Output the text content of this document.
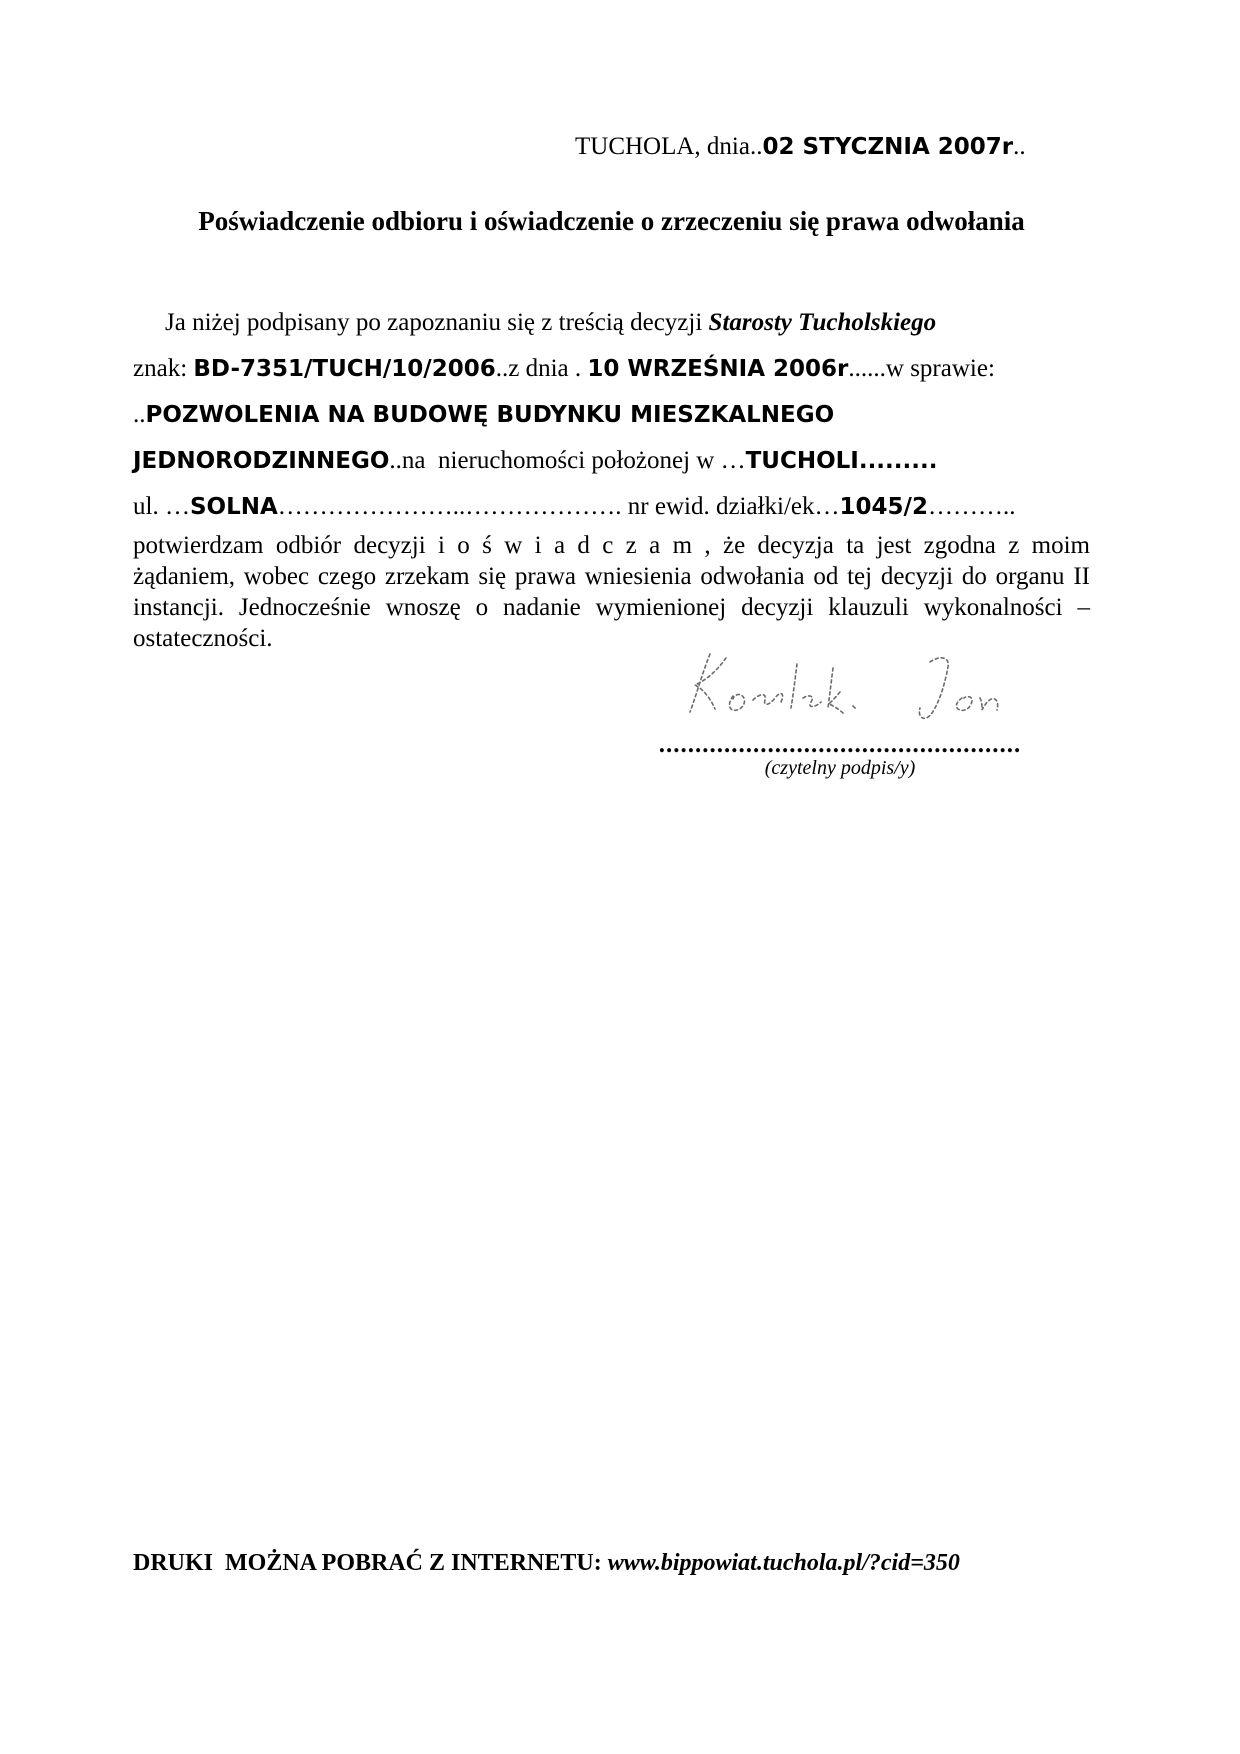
TUCHOLA, dnia..02 STYCZNIA 2007r..
Poświadczenie odbioru i oświadczenie o zrzeczeniu się prawa odwołania
Ja niżej podpisany po zapoznaniu się z treścią decyzji Starosty Tucholskiego
znak: BD-7351/TUCH/10/2006..z dnia . 10 WRZEŚNIA 2006r......w sprawie:
..POZWOLENIA NA BUDOWĘ BUDYNKU MIESZKALNEGO
JEDNORODZINNEGO..na  nieruchomości położonej w …TUCHOLI.........
ul. …SOLNA…………………..………………. nr ewid. działki/ek…1045/2………..
potwierdzam odbiór decyzji i o ś w i a d c z a m , że decyzja ta jest zgodna z moim żądaniem, wobec czego zrzekam się prawa wniesienia odwołania od tej decyzji do organu II instancji. Jednocześnie wnoszę o nadanie wymienionej decyzji klauzuli wykonalności – ostateczności.
..................................................
(czytelny podpis/y)
DRUKI  MOŻNA POBRAĆ Z INTERNETU: www.bippowiat.tuchola.pl/?cid=350
